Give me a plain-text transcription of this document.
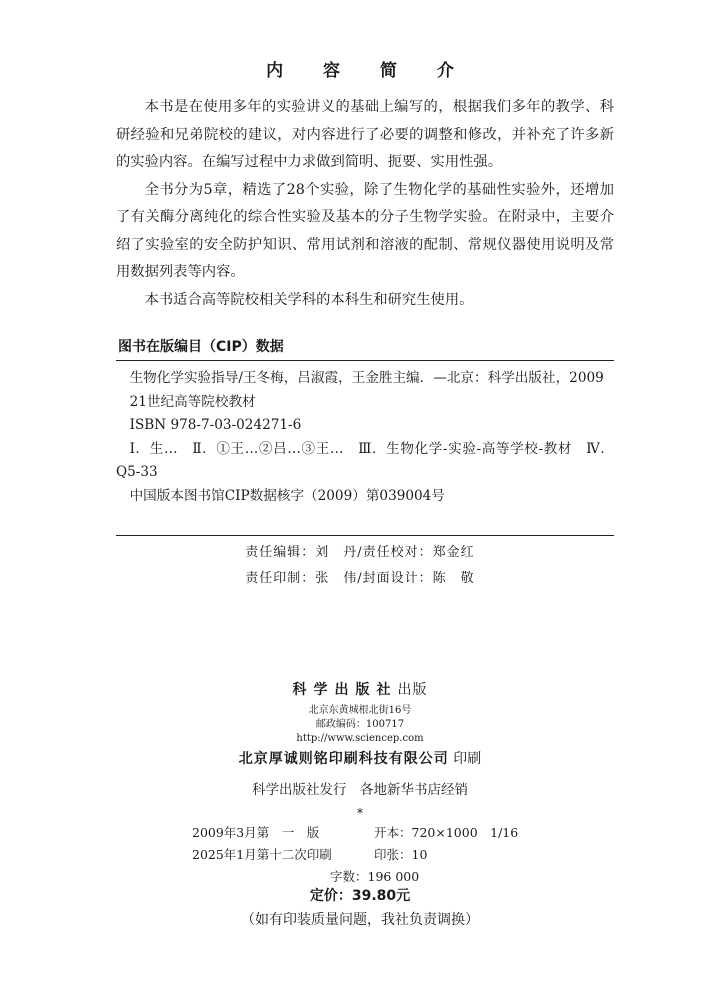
内 容 简 介

本书是在使用多年的实验讲义的基础上编写的，根据我们多年的教学、科研经验和兄弟院校的建议，对内容进行了必要的调整和修改，并补充了许多新的实验内容。在编写过程中力求做到简明、扼要、实用性强。

全书分为5章，精选了28个实验，除了生物化学的基础性实验外，还增加了有关酶分离纯化的综合性实验及基本的分子生物学实验。在附录中，主要介绍了实验室的安全防护知识、常用试剂和溶液的配制、常规仪器使用说明及常用数据列表等内容。

本书适合高等院校相关学科的本科生和研究生使用。

图书在版编目（CIP）数据

生物化学实验指导/王冬梅，吕淑霞，王金胜主编．—北京：科学出版社，2009

21世纪高等院校教材

ISBN 978-7-03-024271-6

Ⅰ．生…　Ⅱ．①王…②吕…③王…　Ⅲ．生物化学-实验-高等学校-教材　Ⅳ．Q5-33

中国版本图书馆CIP数据核字（2009）第039004号

责任编辑：刘　丹/责任校对：郑金红
责任印制：张　伟/封面设计：陈　敬
科学出版社出版
北京东黄城根北街16号
邮政编码：100717
http://www.sciencep.com
北京厚诚则铭印刷科技有限公司 印刷
科学出版社发行　各地新华书店经销
*
2009年3月第　一　版	开本：720×1000　1/16
2025年1月第十二次印刷	印张：10
字数：196 000
定价：39.80元
（如有印装质量问题，我社负责调换）
